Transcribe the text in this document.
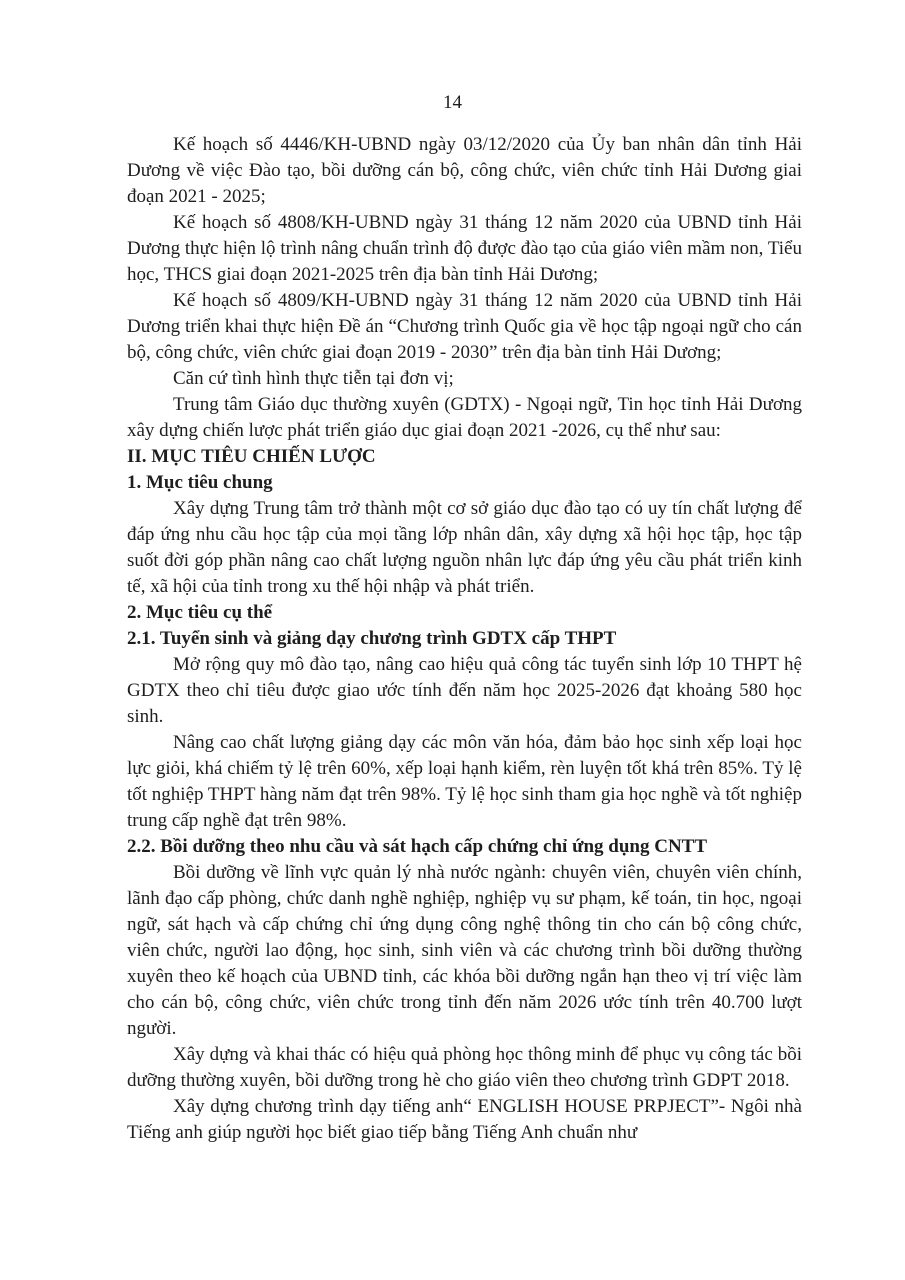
14

Kế hoạch số 4446/KH-UBND ngày 03/12/2020 của Ủy ban nhân dân tỉnh Hải Dương về việc Đào tạo, bồi dưỡng cán bộ, công chức, viên chức tỉnh Hải Dương giai đoạn 2021 - 2025;

Kế hoạch số 4808/KH-UBND ngày 31 tháng 12 năm 2020 của UBND tỉnh Hải Dương thực hiện lộ trình nâng chuẩn trình độ được đào tạo của giáo viên mầm non, Tiểu học, THCS giai đoạn 2021-2025 trên địa bàn tỉnh Hải Dương;

Kế hoạch số 4809/KH-UBND ngày 31 tháng 12 năm 2020 của UBND tỉnh Hải Dương triển khai thực hiện Đề án “Chương trình Quốc gia về học tập ngoại ngữ cho cán bộ, công chức, viên chức giai đoạn 2019 - 2030” trên địa bàn tỉnh Hải Dương;

Căn cứ tình hình thực tiễn tại đơn vị;

Trung tâm Giáo dục thường xuyên (GDTX) - Ngoại ngữ, Tin học tỉnh Hải Dương xây dựng chiến lược phát triển giáo dục giai đoạn 2021 -2026, cụ thể như sau:

II. MỤC TIÊU CHIẾN LƯỢC

1. Mục tiêu chung

Xây dựng Trung tâm trở thành một cơ sở giáo dục đào tạo có uy tín chất lượng để đáp ứng nhu cầu học tập của mọi tầng lớp nhân dân, xây dựng xã hội học tập, học tập suốt đời góp phần nâng cao chất lượng nguồn nhân lực đáp ứng yêu cầu phát triển kinh tế, xã hội của tỉnh trong xu thế hội nhập và phát triển.

2. Mục tiêu cụ thể

2.1. Tuyển sinh và giảng dạy chương trình GDTX cấp THPT

Mở rộng quy mô đào tạo, nâng cao hiệu quả công tác tuyển sinh lớp 10 THPT hệ GDTX theo chỉ tiêu được giao ước tính đến năm học 2025-2026 đạt khoảng 580 học sinh.

Nâng cao chất lượng giảng dạy các môn văn hóa, đảm bảo học sinh xếp loại học lực giỏi, khá chiếm tỷ lệ trên 60%, xếp loại hạnh kiểm, rèn luyện tốt khá trên 85%. Tỷ lệ tốt nghiệp THPT hàng năm đạt trên 98%. Tỷ lệ học sinh tham gia học nghề và tốt nghiệp trung cấp nghề đạt trên 98%.

2.2. Bồi dưỡng theo nhu cầu và sát hạch cấp chứng chỉ ứng dụng CNTT

Bồi dưỡng về lĩnh vực quản lý nhà nước ngành: chuyên viên, chuyên viên chính, lãnh đạo cấp phòng, chức danh nghề nghiệp, nghiệp vụ sư phạm, kế toán, tin học, ngoại ngữ, sát hạch và cấp chứng chỉ ứng dụng công nghệ thông tin cho cán bộ công chức, viên chức, người lao động, học sinh, sinh viên và các chương trình bồi dưỡng thường xuyên theo kế hoạch của UBND tỉnh, các khóa bồi dưỡng ngắn hạn theo vị trí việc làm cho cán bộ, công chức, viên chức trong tỉnh đến năm 2026 ước tính trên 40.700 lượt người.

Xây dựng và khai thác có hiệu quả phòng học thông minh để phục vụ công tác bồi dưỡng thường xuyên, bồi dưỡng trong hè cho giáo viên theo chương trình GDPT 2018.

Xây dựng chương trình dạy tiếng anh“ ENGLISH HOUSE PRPJECT”- Ngôi nhà Tiếng anh giúp người học biết giao tiếp bằng Tiếng Anh chuẩn như
